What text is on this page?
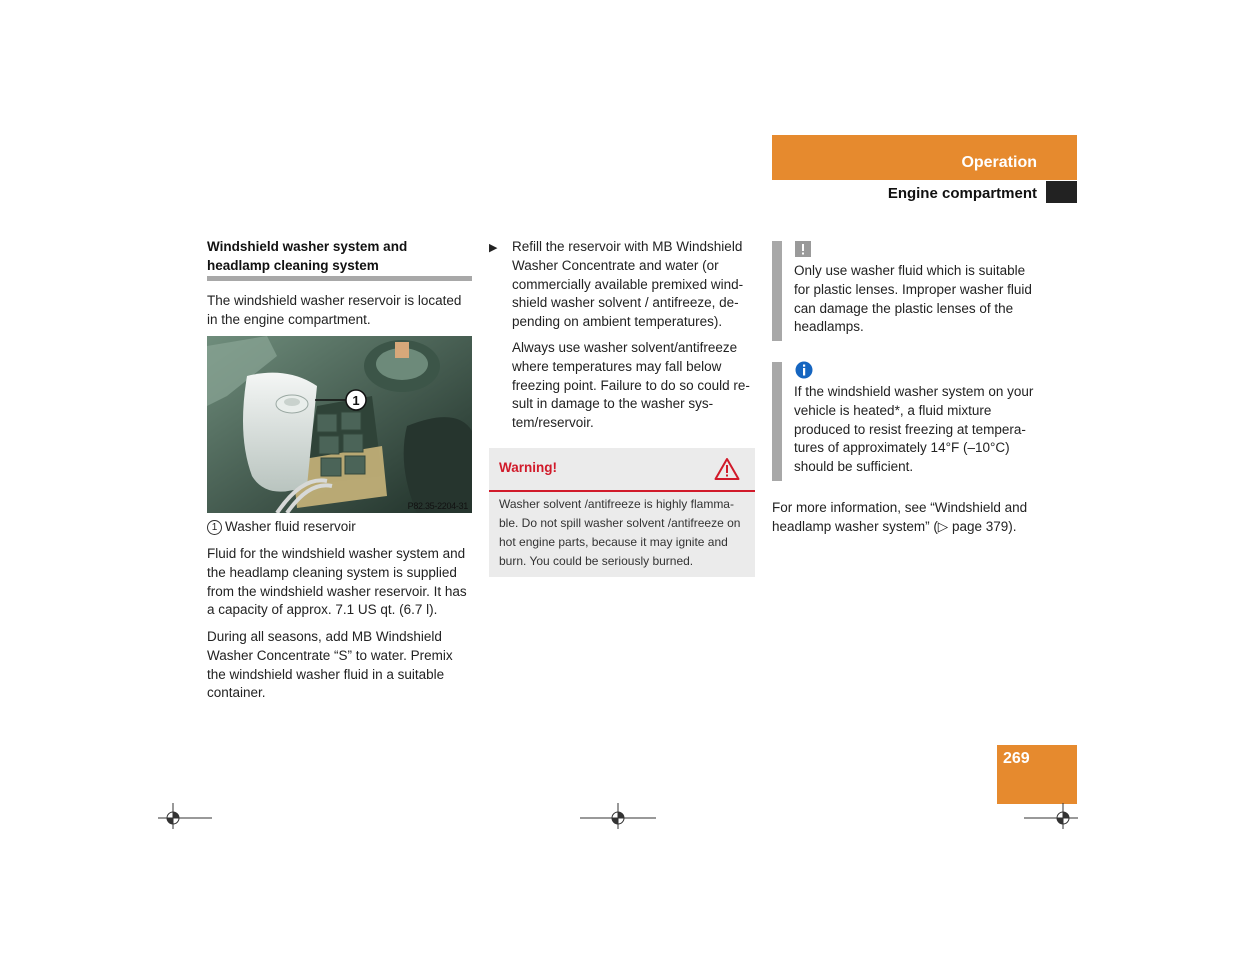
Operation
Engine compartment
Windshield washer system and headlamp cleaning system

The windshield washer reservoir is located in the engine compartment.

1
P82.35-2204-31
1 Washer fluid reservoir

Fluid for the windshield washer system and the headlamp cleaning system is supplied from the windshield washer reservoir. It has a capacity of approx. 7.1 US qt. (6.7 l).

During all seasons, add MB Windshield Washer Concentrate “S” to water. Premix the windshield washer fluid in a suitable container.

▶ Refill the reservoir with MB Windshield Washer Concentrate and water (or commercially available premixed wind-shield washer solvent / antifreeze, de-pending on ambient temperatures).

Always use washer solvent/antifreeze where temperatures may fall below freezing point. Failure to do so could re-sult in damage to the washer sys-tem/reservoir.

Warning!
Washer solvent /antifreeze is highly flamma-ble. Do not spill washer solvent /antifreeze on hot engine parts, because it may ignite and burn. You could be seriously burned.

Only use washer fluid which is suitable for plastic lenses. Improper washer fluid can damage the plastic lenses of the headlamps.

If the windshield washer system on your vehicle is heated*, a fluid mixture produced to resist freezing at tempera-tures of approximately 14°F (–10°C) should be sufficient.

For more information, see “Windshield and headlamp washer system” (▷ page 379).

269
